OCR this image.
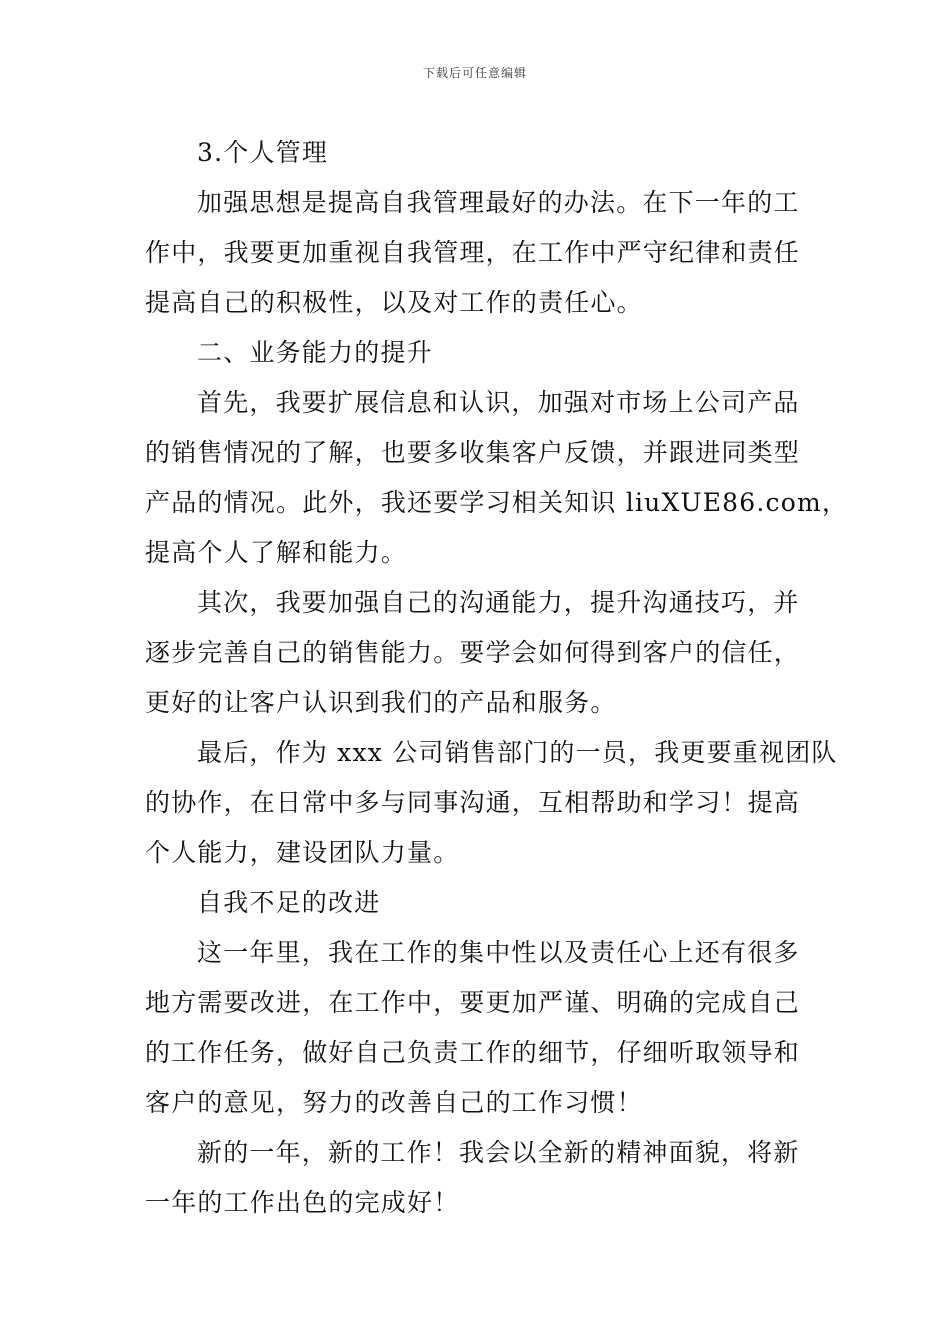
下载后可任意编辑
3.个人管理
加强思想是提高自我管理最好的办法。在下一年的工
作中，我要更加重视自我管理，在工作中严守纪律和责任
提高自己的积极性，以及对工作的责任心。
二、业务能力的提升
首先，我要扩展信息和认识，加强对市场上公司产品
的销售情况的了解，也要多收集客户反馈，并跟进同类型
产品的情况。此外，我还要学习相关知识 liuXUE86.com，
提高个人了解和能力。
其次，我要加强自己的沟通能力，提升沟通技巧，并
逐步完善自己的销售能力。要学会如何得到客户的信任，
更好的让客户认识到我们的产品和服务。
最后，作为 xxx 公司销售部门的一员，我更要重视团队
的协作，在日常中多与同事沟通，互相帮助和学习！提高
个人能力，建设团队力量。
自我不足的改进
这一年里，我在工作的集中性以及责任心上还有很多
地方需要改进，在工作中，要更加严谨、明确的完成自己
的工作任务，做好自己负责工作的细节，仔细听取领导和
客户的意见，努力的改善自己的工作习惯！
新的一年，新的工作！我会以全新的精神面貌，将新
一年的工作出色的完成好！
